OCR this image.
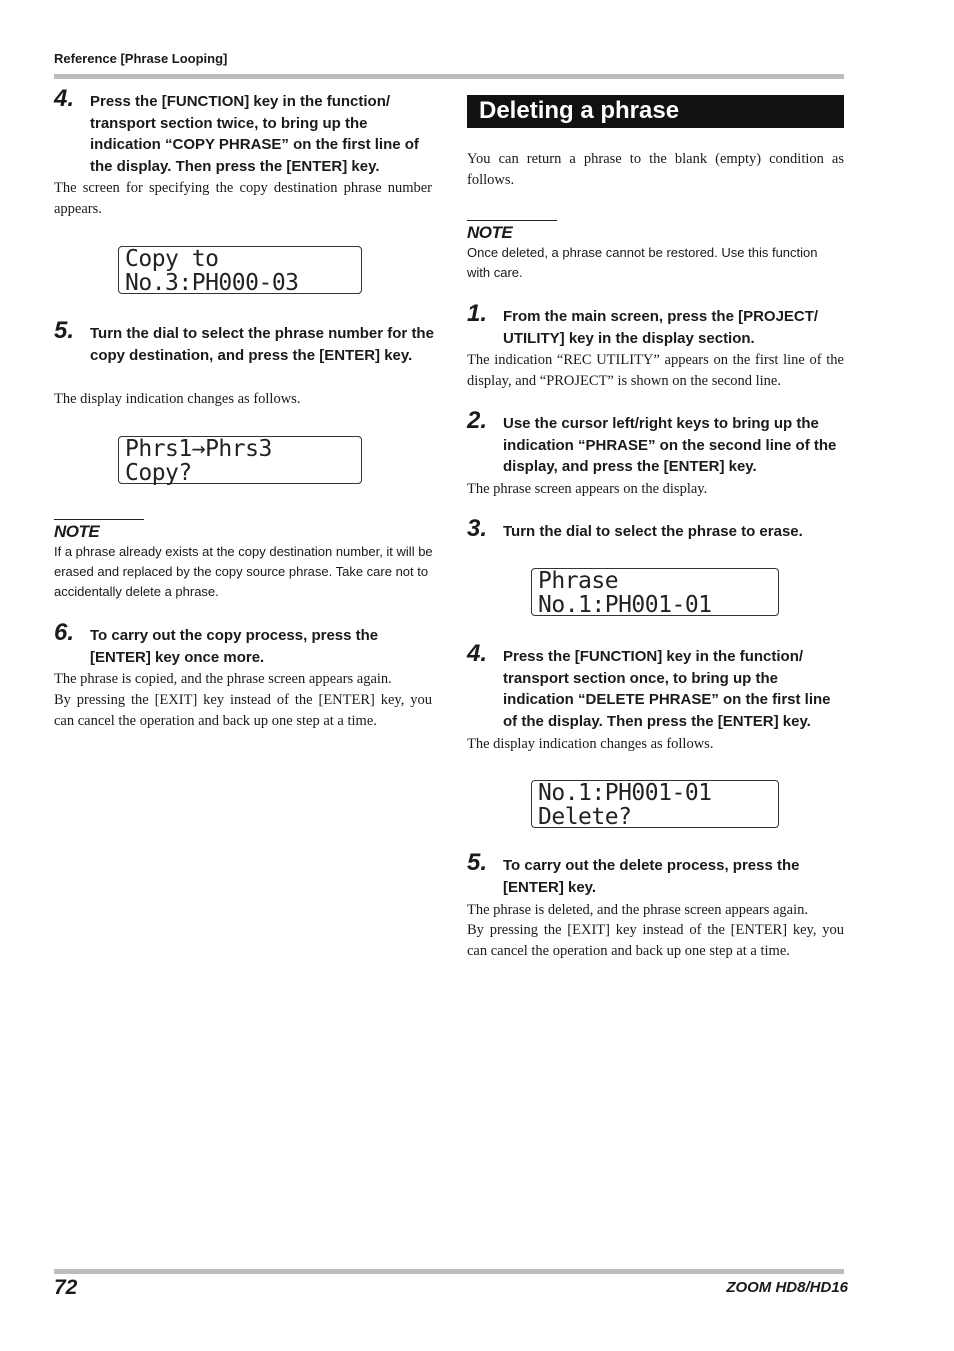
Reference [Phrase Looping]
4. Press the [FUNCTION] key in the function/ transport section twice, to bring up the indication “COPY PHRASE” on the first line of the display. Then press the [ENTER] key.
The screen for specifying the copy destination phrase number appears.
Copy to
No.3:PH000-03
5. Turn the dial to select the phrase number for the copy destination, and press the [ENTER] key.
The display indication changes as follows.
Phrs1→Phrs3
Copy?
NOTE
If a phrase already exists at the copy destination number, it will be erased and replaced by the copy source phrase. Take care not to accidentally delete a phrase.
6. To carry out the copy process, press the [ENTER] key once more.
The phrase is copied, and the phrase screen appears again.
By pressing the [EXIT] key instead of the [ENTER] key, you can cancel the operation and back up one step at a time.
Deleting a phrase
You can return a phrase to the blank (empty) condition as follows.
NOTE
Once deleted, a phrase cannot be restored. Use this function with care.
1. From the main screen, press the [PROJECT/ UTILITY] key in the display section.
The indication “REC UTILITY” appears on the first line of the display, and “PROJECT” is shown on the second line.
2. Use the cursor left/right keys to bring up the indication “PHRASE” on the second line of the display, and press the [ENTER] key.
The phrase screen appears on the display.
3. Turn the dial to select the phrase to erase.
Phrase
No.1:PH001-01
4. Press the [FUNCTION] key in the function/ transport section once, to bring up the indication “DELETE PHRASE” on the first line of the display. Then press the [ENTER] key.
The display indication changes as follows.
No.1:PH001-01
Delete?
5. To carry out the delete process, press the [ENTER] key.
The phrase is deleted, and the phrase screen appears again.
By pressing the [EXIT] key instead of the [ENTER] key, you can cancel the operation and back up one step at a time.
72	ZOOM HD8/HD16
